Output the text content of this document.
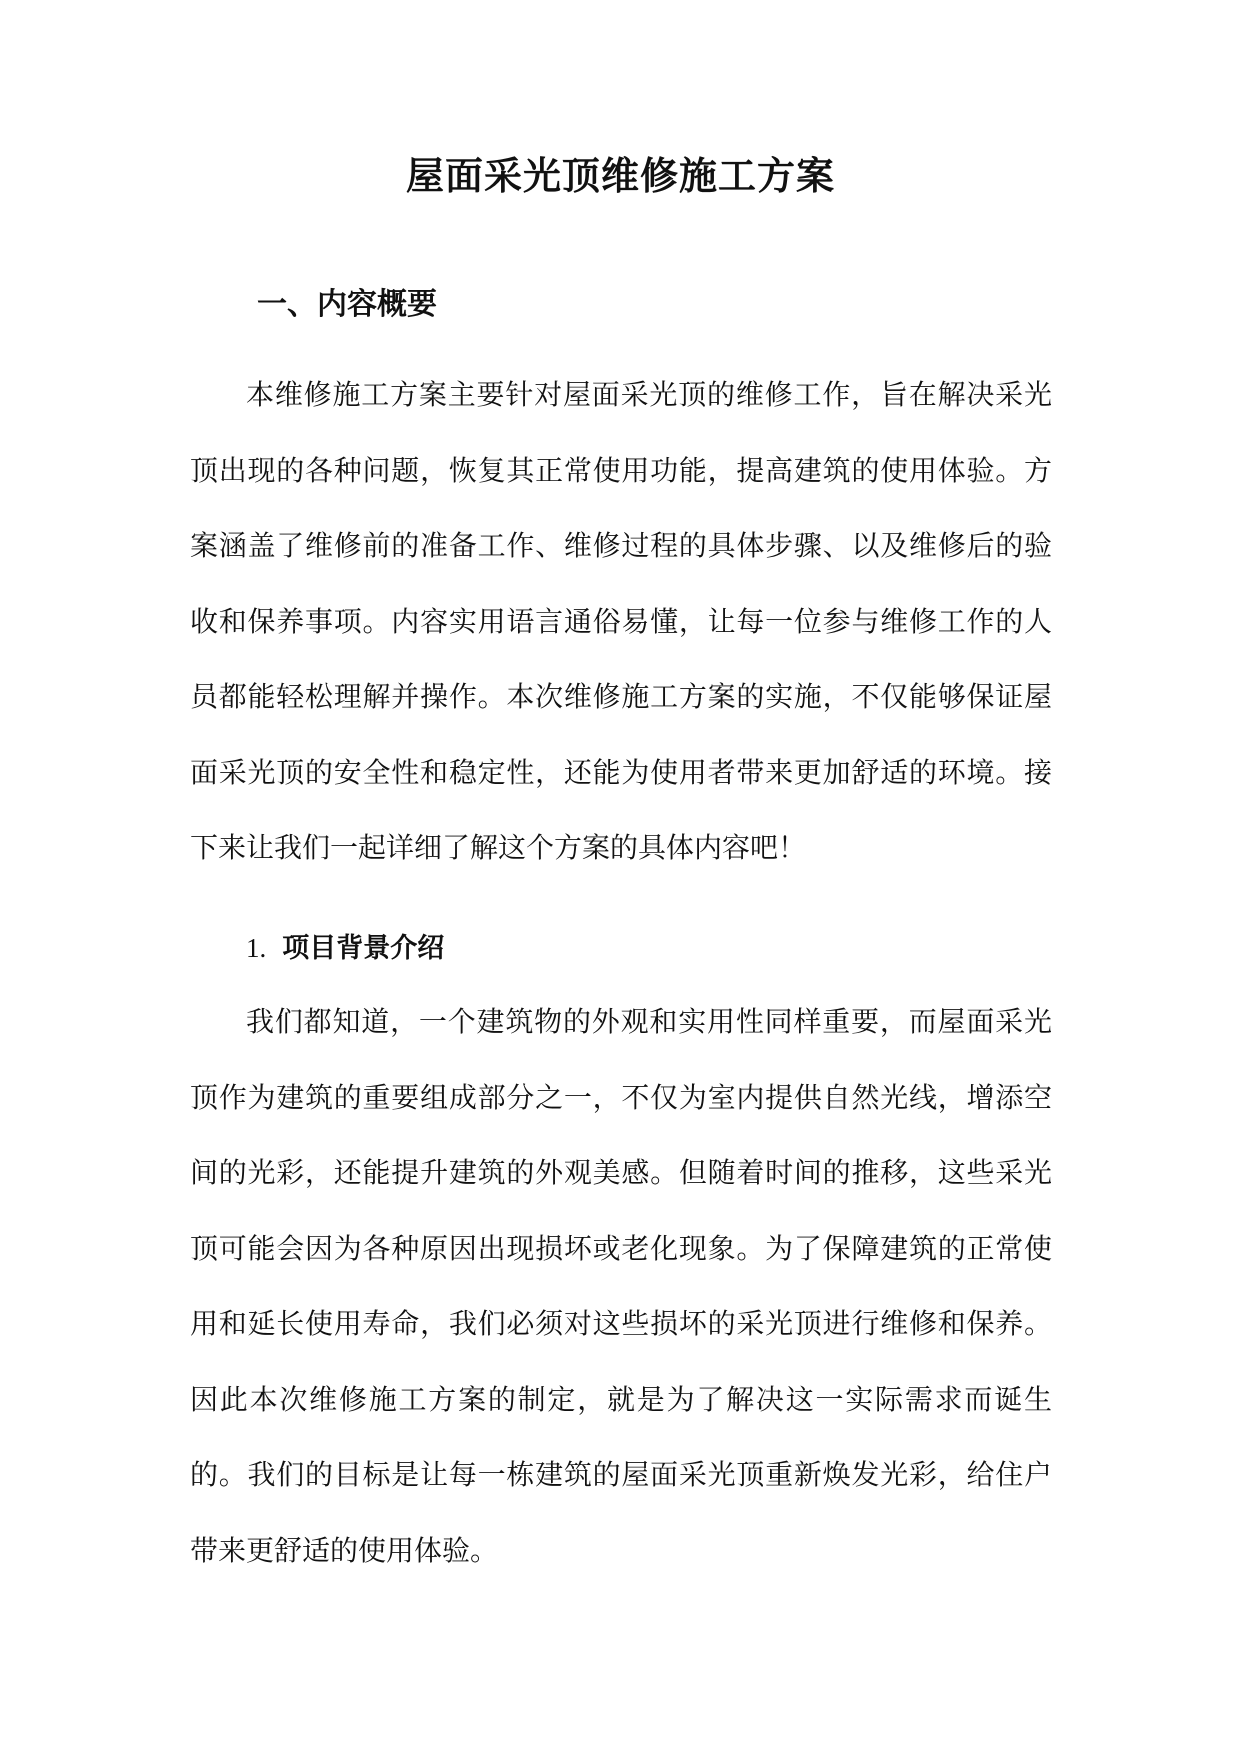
屋面采光顶维修施工方案
一、内容概要

本维修施工方案主要针对屋面采光顶的维修工作，旨在解决采光顶出现的各种问题，恢复其正常使用功能，提高建筑的使用体验。方案涵盖了维修前的准备工作、维修过程的具体步骤、以及维修后的验收和保养事项。内容实用语言通俗易懂，让每一位参与维修工作的人员都能轻松理解并操作。本次维修施工方案的实施，不仅能够保证屋面采光顶的安全性和稳定性，还能为使用者带来更加舒适的环境。接下来让我们一起详细了解这个方案的具体内容吧！

1. 项目背景介绍

我们都知道，一个建筑物的外观和实用性同样重要，而屋面采光顶作为建筑的重要组成部分之一，不仅为室内提供自然光线，增添空间的光彩，还能提升建筑的外观美感。但随着时间的推移，这些采光顶可能会因为各种原因出现损坏或老化现象。为了保障建筑的正常使用和延长使用寿命，我们必须对这些损坏的采光顶进行维修和保养。因此本次维修施工方案的制定，就是为了解决这一实际需求而诞生的。我们的目标是让每一栋建筑的屋面采光顶重新焕发光彩，给住户带来更舒适的使用体验。
